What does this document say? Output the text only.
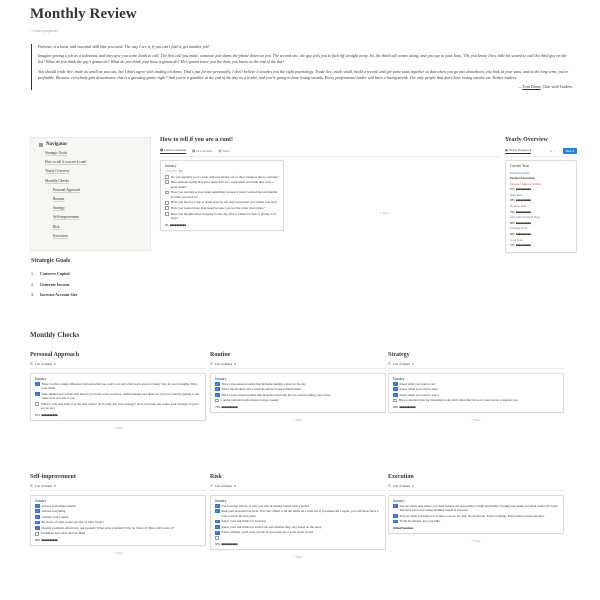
Monthly Review
› 3 more properties

Patience is a basic and essential skill that you need. The way I see it, if you can't find it, get another job!

Imagine getting a job as a salesman, and they give you some leads to call. The first call you make, someone just slams the phone down on you. The second one, the guy tells you to fuck off straight away. So, the third call comes along, and you say to your boss, 'Oh, you know, I'm a little bit scared to call the third guy on the list.' What do you think the guy's gonna do? What do you think your boss is gonna do? He's gonna leave you the door, you know, at the end of the day!

You should trade live, trade as small as you can, but I don't agree with trading on demo. That's just for me personally, I don't believe it teaches you the right psychology. Trade live, trade small, build a record, and get some stats together so that when you go into drawdown, you look at your stats, and in the long term, you're profitable. Because everybody gets drawdowns; this is a guessing game, right? And you're a gambler at the end of the day as a trader, and you're going to have losing streaks. Every professional trader will have a losing streak. The only people that don't have losing streaks are Twitter traders.

—Tom Dante, Chat with Traders.
Navigator
Strategic Goals
How to tell if you are a cunt!
Yearly Overview
Monthly Checks
Personal Approach
Routine
Strategy
Self-improvement
Risk
Execution
Strategic Goals
1. Conserve Capital
2. Generate Income
3. Increase Account Size
How to tell if you are a cunt!
▦ Last two months ▦ Past Months ▤ Table
January
Fri
Do you regularly post a trade with real money out of show business due to cant/sub?
Has someone saying they have made 40% in a week made you think they were a great trader?
Have you decided to stop using something because it hasn't worked the last handful of times you used it?
Have you moved a stop to break even for the only reason that you cannot care less?
Have you looked more than usual because you lost the trader most times?
Have you thought about stopping for the day after a winner for fear of giving it all back?
0% ●●●●●●●●●●
+ New
Yearly Overview
▦ Yearly Progress ▾	≡ ⌕ …	New ▾
Current Year
Execution Rate
Perfect Execution!
Personal Approach Rate
67% ●●●●●●●●●●
Risk Rate
83% ●●●●●●●●●●
Routine Rate
75% ●●●●●●●●●●
Self-improvement Rate
80% ●●●●●●●●●●
Strategy Rate
60% ●●●●●●●●●●
Goal Rate
57% ●●●●●●●●●●
Monthly Checks
Personal Approach
☰ List of Rules ▾
January
✓ There is often a huge difference between what you want to do and what you're good at doing. Stay in your strengths. Find your niche.
✓ Take smaller loss actions that haven't yet in the work you have, whilst making sure these are very low priority getting to the same level of work as you
What is your true edge over the next trades? (Is it really just your strategy? Or is everyone else trades your strategy, as good as you are)
67% ●●●●●●●●●●
+ New
Routine
☰ List of Rules ▾
January
✓ Have a pre-session routine that includes making a plan for the day
✓ Know the markets active sessions and be focused during them
✓ Have a post session routine that includes reviewing the day and recording your trades
Conduct detailed performance review weekly
75% ●●●●●●●●●●
+ New
Strategy
☰ List of Rules ▾
January
✓ Know what you want to test
✓ Know when you want to enter
✓ Know when you want to exit it
Have a detailed plan for managing trades both when they move in your favour or against you
60% ●●●●●●●●●●
+ New
Self-improvement
☰ List of Rules ▾
January
✓ Always seek improvement
✓ Journal everything
✓ Analyse your journal
✓ Be aware of what works and live of what doesn't
✓ Identify problems effectively, ask yourself 'What is the problem? Why do I have it? How will I solve it?'
Formulate new ideas and test them
80% ●●●●●●●●●●
+ New
Risk
☰ List of Rules ▾
January
✓ Use leverage wisely, as only you will in risking capital with a broker
✓ Risk your personal risk level. You can't afford to let the limits on a trade but if you make the a repair, you will never have a base to hit in the first place
✓ Know your risk limits for each day
✓ Know your risk limits for each trade and whether they vary based on the setup
✓ Know whether you'll scale up risk in good periods or scale down in bad
83% ●●●●●●●●●●
+ New
Execution
☰ List of Rules ▾
January
✓ All our visual data where you don't believe the opportunity is high probability. Feeling and taking excellent trades isn't hard. The hard part is not doing anything stupid in between
✓ Stay up when you believe it is time to do so. No fear. No hesitation. Expect nothing. Expectation creates emotion.
✓ Trade the market, not your P&L
Perfect Execution!
+ New
